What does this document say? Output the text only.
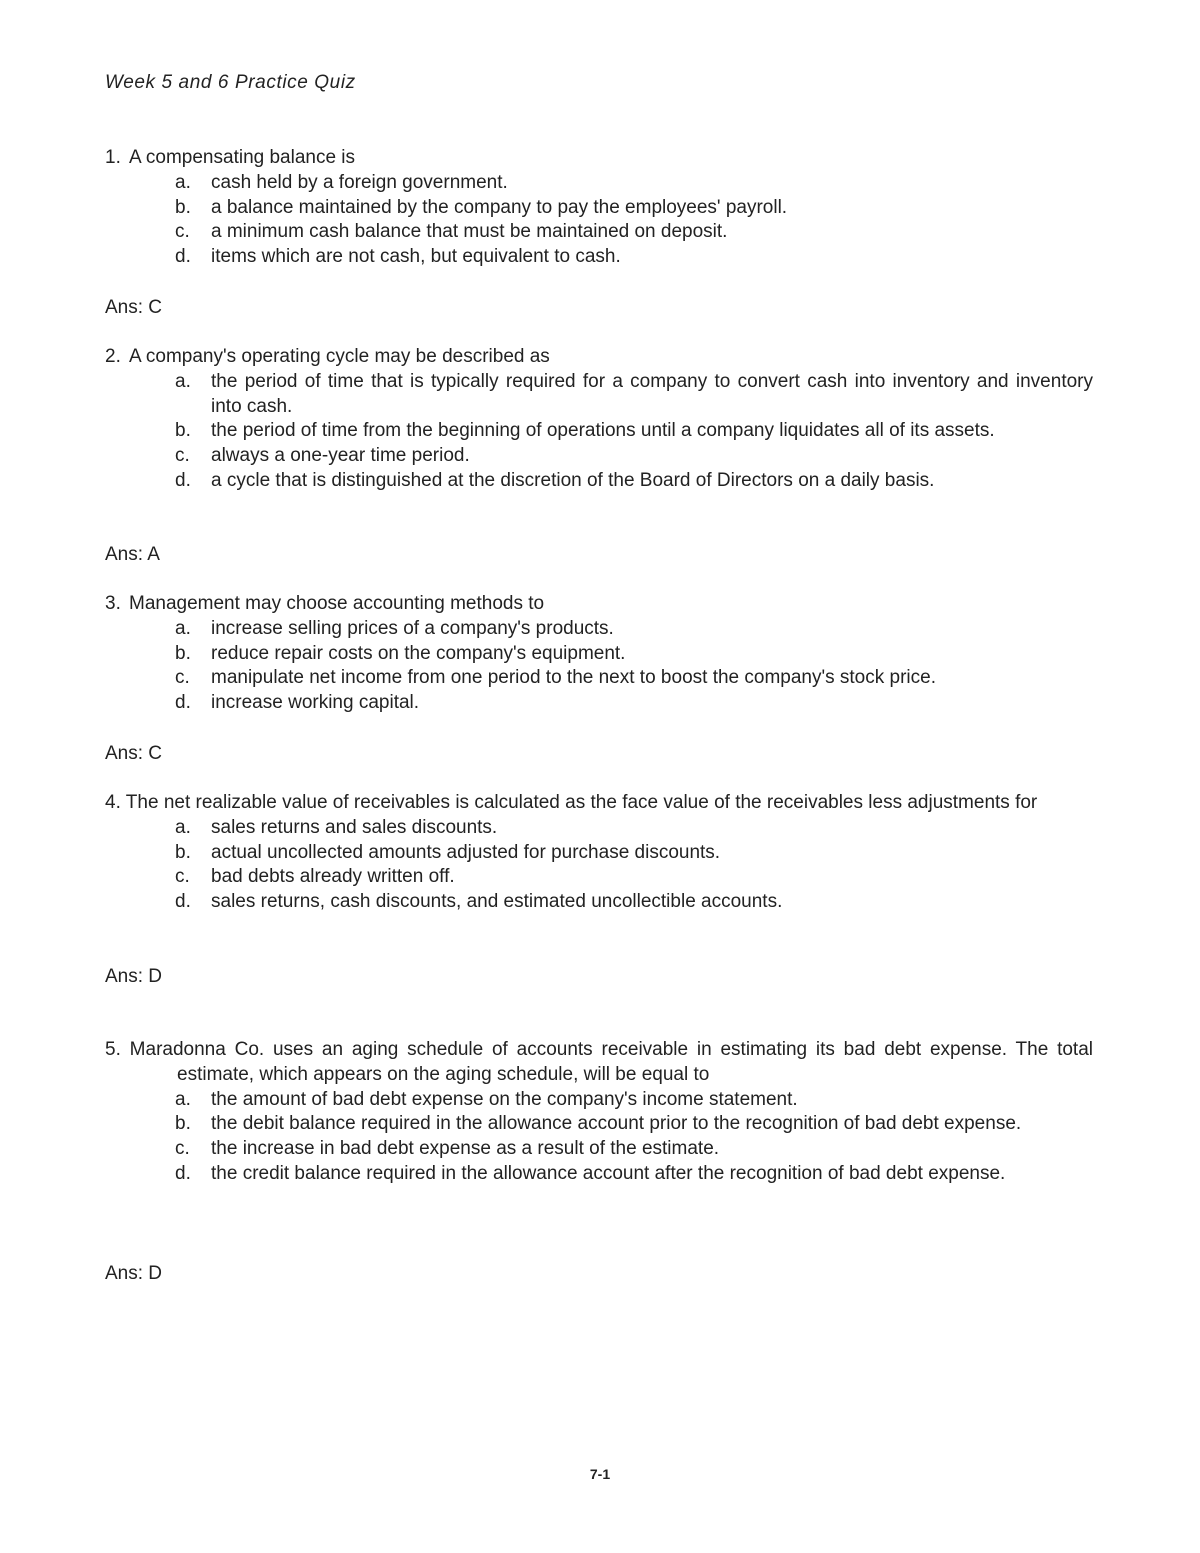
Week 5 and 6 Practice Quiz
1. A compensating balance is
a.	cash held by a foreign government.
b.	a balance maintained by the company to pay the employees' payroll.
c.	a minimum cash balance that must be maintained on deposit.
d.	items which are not cash, but equivalent to cash.
Ans: C
2. A company's operating cycle may be described as
a.	the period of time that is typically required for a company to convert cash into inventory and inventory into cash.
b.	the period of time from the beginning of operations until a company liquidates all of its assets.
c.	always a one-year time period.
d.	a cycle that is distinguished at the discretion of the Board of Directors on a daily basis.
Ans: A
3. Management may choose accounting methods to
a.	increase selling prices of a company's products.
b.	reduce repair costs on the company's equipment.
c.	manipulate net income from one period to the next to boost the company's stock price.
d.	increase working capital.
Ans: C
4. The net realizable value of receivables is calculated as the face value of the receivables less adjustments for
a.	sales returns and sales discounts.
b.	actual uncollected amounts adjusted for purchase discounts.
c.	bad debts already written off.
d.	sales returns, cash discounts, and estimated uncollectible accounts.
Ans: D
5. Maradonna Co. uses an aging schedule of accounts receivable in estimating its bad debt expense. The total estimate, which appears on the aging schedule, will be equal to
a.	the amount of bad debt expense on the company's income statement.
b.	the debit balance required in the allowance account prior to the recognition of bad debt expense.
c.	the increase in bad debt expense as a result of the estimate.
d.	the credit balance required in the allowance account after the recognition of bad debt expense.
Ans: D
7-1
